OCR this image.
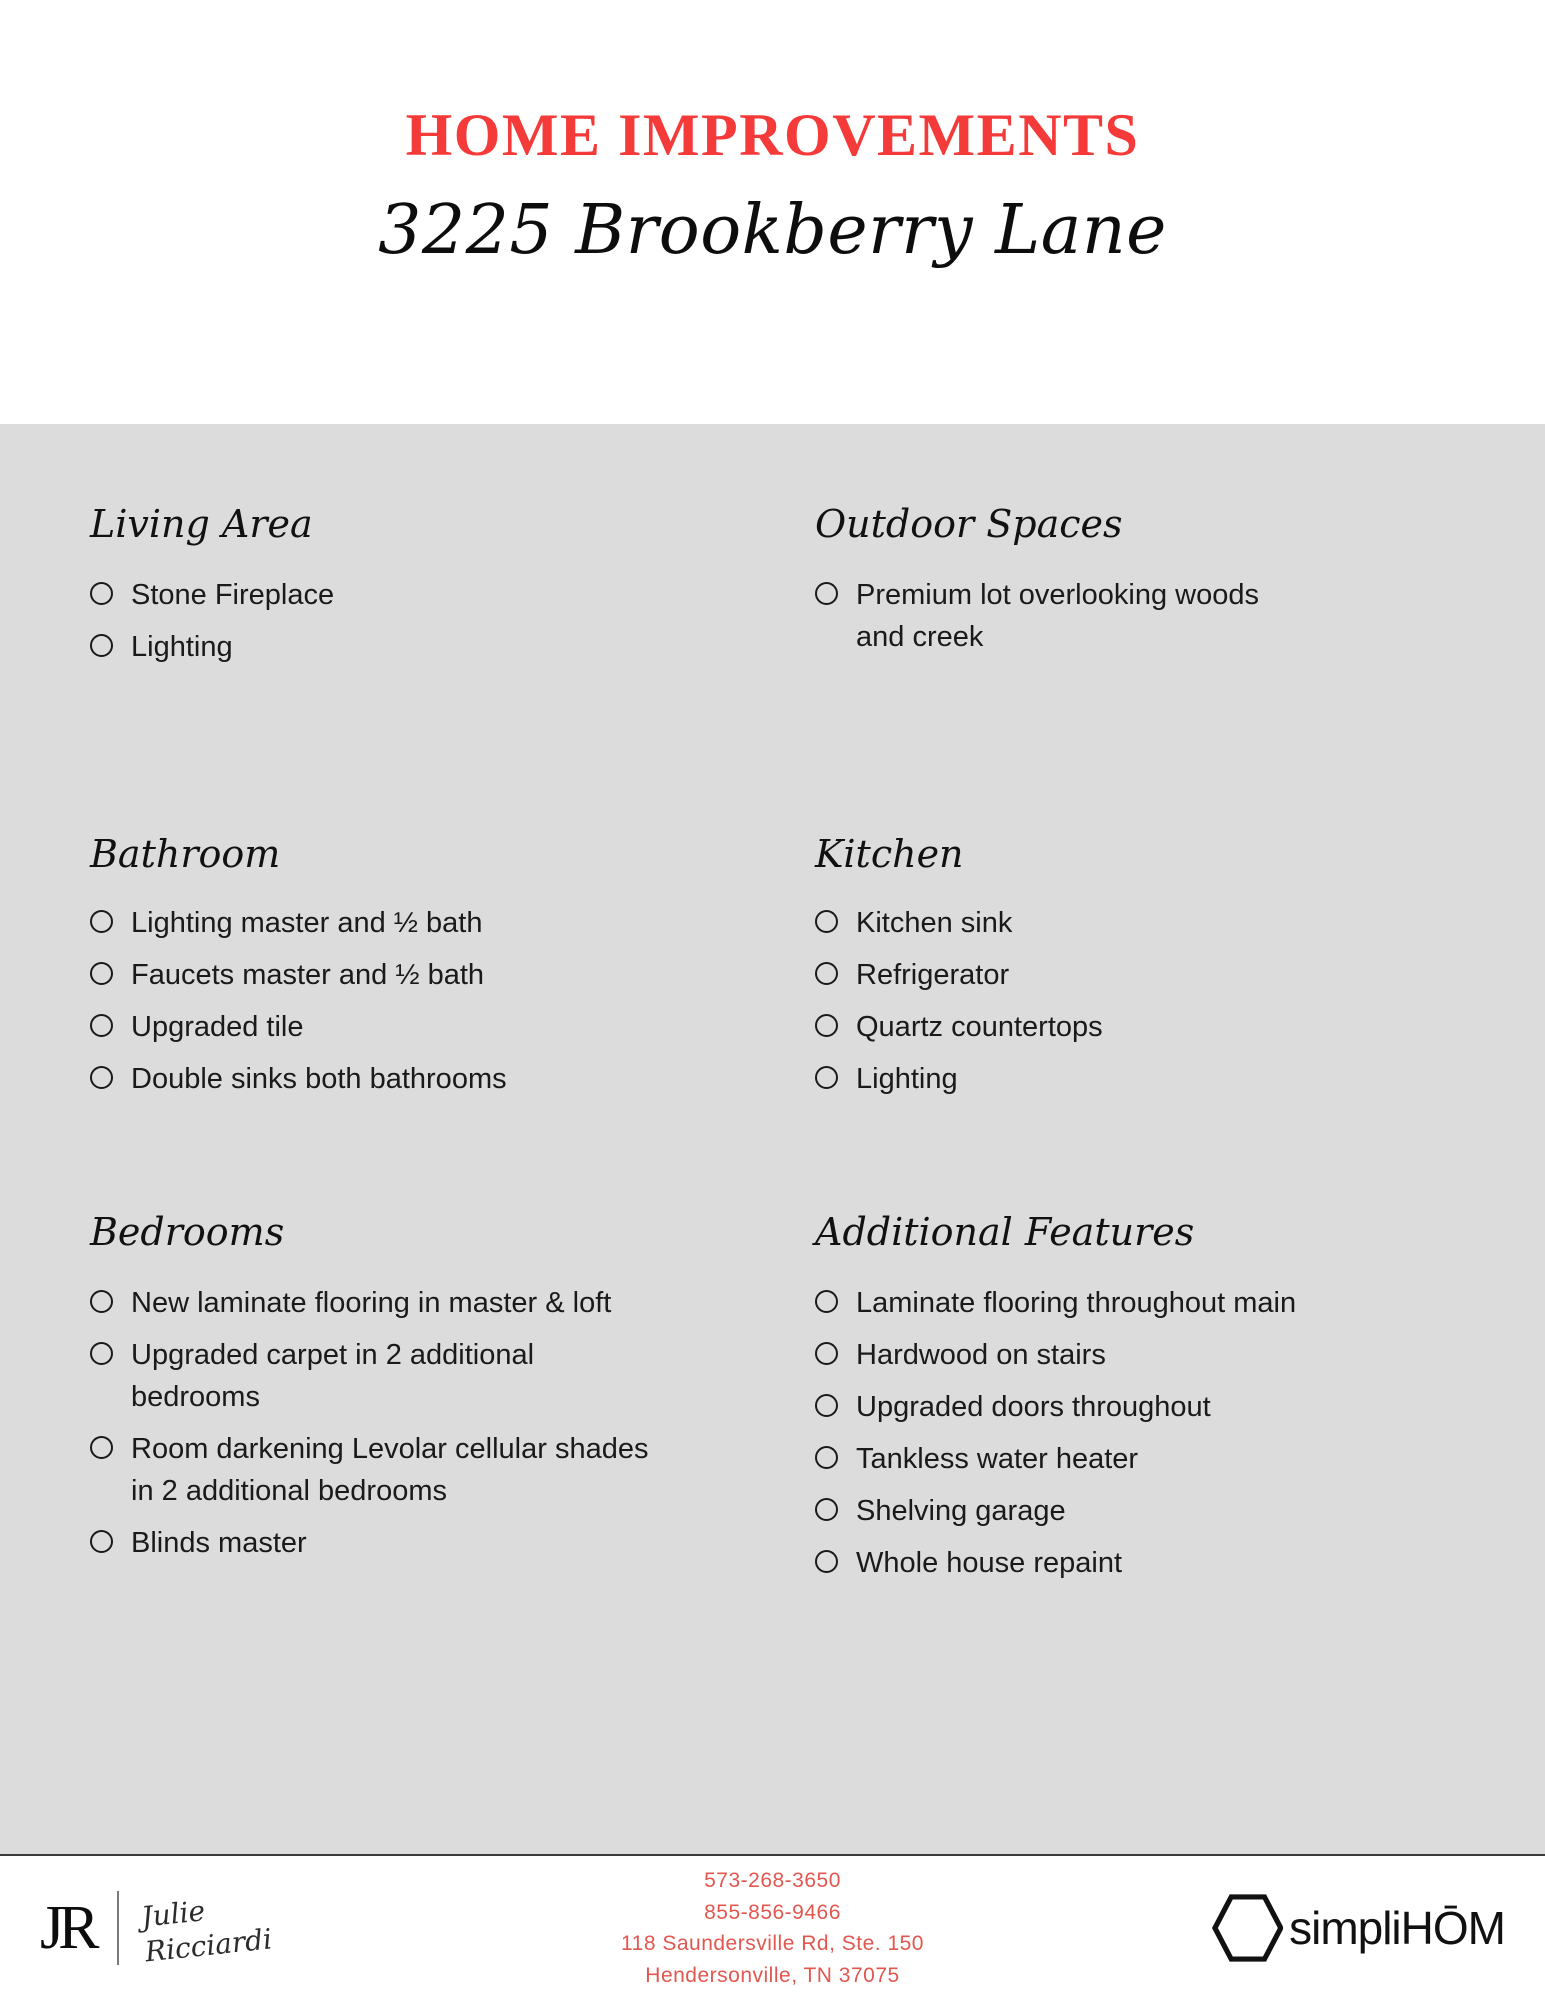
HOME IMPROVEMENTS
3225 Brookberry Lane
Living Area
Stone Fireplace
Lighting
Outdoor Spaces
Premium lot overlooking woods and creek
Bathroom
Lighting master and ½ bath
Faucets master and ½ bath
Upgraded tile
Double sinks both bathrooms
Kitchen
Kitchen sink
Refrigerator
Quartz countertops
Lighting
Bedrooms
New laminate flooring in master & loft
Upgraded carpet in 2 additional bedrooms
Room darkening Levolar cellular shades in 2 additional bedrooms
Blinds master
Additional Features
Laminate flooring throughout main
Hardwood on stairs
Upgraded doors throughout
Tankless water heater
Shelving garage
Whole house repaint
JR Julie
Ricciardi
573-268-3650
855-856-9466
118 Saundersville Rd, Ste. 150
Hendersonville, TN 37075
simpliHŌM
